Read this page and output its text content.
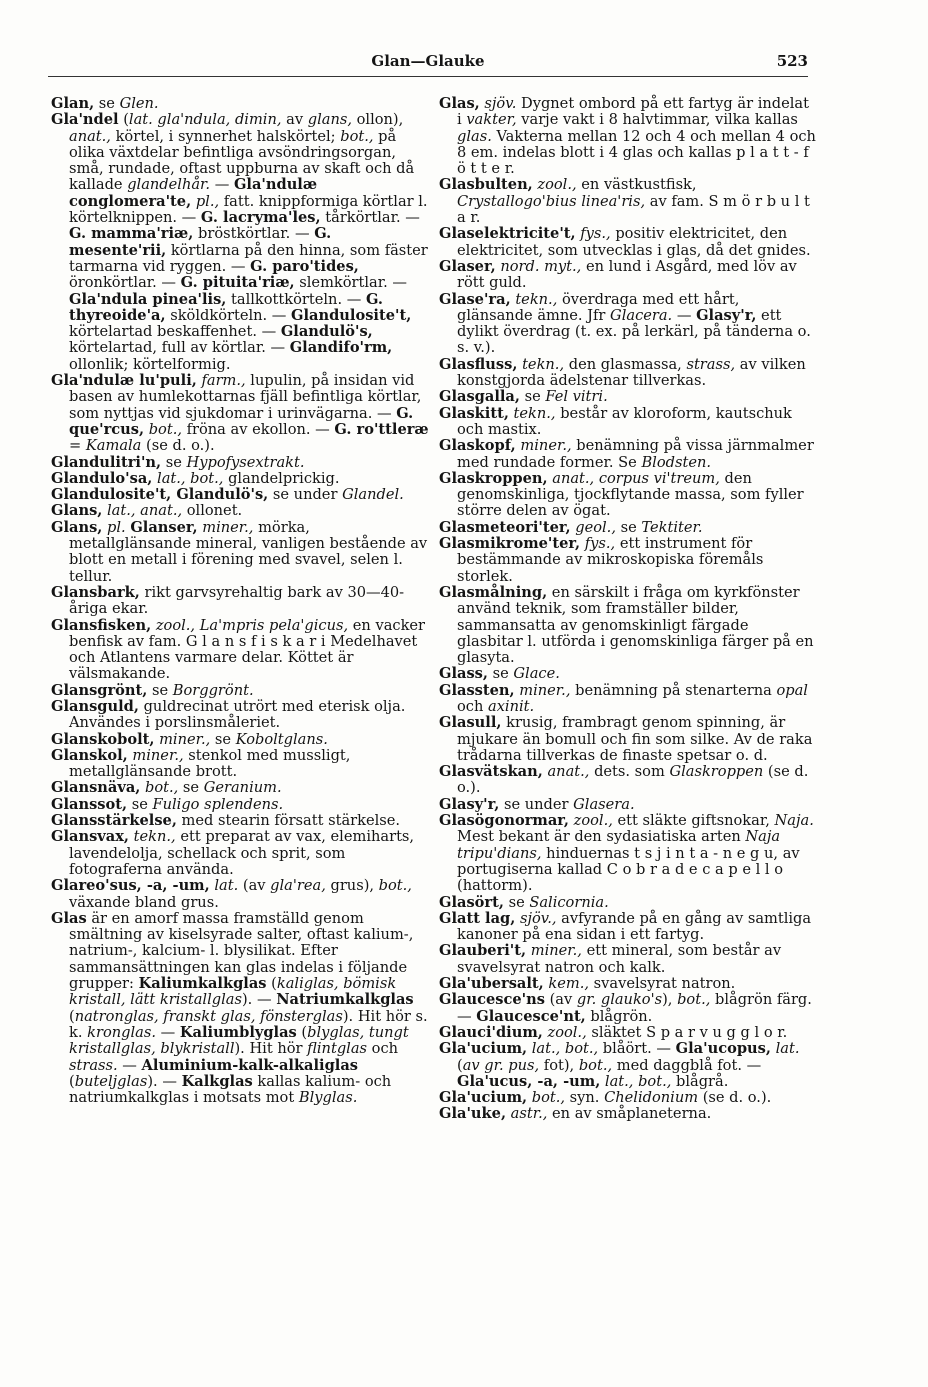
Glan—Glauke	523

Glan, se Glen.

Gla'ndel (lat. gla'ndula, dimin, av glans, ollon), anat., körtel, i synnerhet halskörtel; bot., på olika växtdelar befintliga avsöndringsorgan, små, rundade, oftast uppburna av skaft och då kallade glandelhår. — Gla'ndulæ conglomera'te, pl., fatt. knippformiga körtlar l. körtelknippen. — G. lacryma'les, tårkörtlar. — G. mamma'riæ, bröstkörtlar. — G. mesente'rii, körtlarna på den hinna, som fäster tarmarna vid ryggen. — G. paro'tides, öronkörtlar. — G. pituita'riæ, slemkörtlar. — Gla'ndula pinea'lis, tallkottkörteln. — G. thyreoide'a, sköldkörteln. — Glandulosite't, körtelartad beskaffenhet. — Glandulö's, körtelartad, full av körtlar. — Glandifo'rm, ollonlik; körtelformig.

Gla'ndulæ lu'puli, farm., lupulin, på insidan vid basen av humlekottarnas fjäll befintliga körtlar, som nyttjas vid sjukdomar i urinvägarna. — G. que'rcus, bot., fröna av ekollon. — G. ro'ttleræ = Kamala (se d. o.).

Glandulitri'n, se Hypofysextrakt.

Glandulo'sa, lat., bot., glandelprickig.

Glandulosite't, Glandulö's, se under Glandel.

Glans, lat., anat., ollonet.

Glans, pl. Glanser, miner., mörka, metallglänsande mineral, vanligen bestående av blott en metall i förening med svavel, selen l. tellur.

Glansbark, rikt garvsyrehaltig bark av 30—40-åriga ekar.

Glansfisken, zool., La'mpris pela'gicus, en vacker benfisk av fam. G l a n s f i s k a r i Medelhavet och Atlantens varmare delar. Köttet är välsmakande.

Glansgrönt, se Borggrönt.

Glansguld, guldrecinat utrört med eterisk olja. Användes i porslinsmåleriet.

Glanskobolt, miner., se Koboltglans.

Glanskol, miner., stenkol med mussligt, metallglänsande brott.

Glansnäva, bot., se Geranium.

Glanssot, se Fuligo splendens.

Glansstärkelse, med stearin försatt stärkelse.

Glansvax, tekn., ett preparat av vax, elemiharts, lavendelolja, schellack och sprit, som fotograferna använda.

Glareo'sus, -a, -um, lat. (av gla'rea, grus), bot., växande bland grus.

Glas är en amorf massa framställd genom smältning av kiselsyrade salter, oftast kalium-, natrium-, kalcium- l. blysilikat. Efter sammansättningen kan glas indelas i följande grupper: Kaliumkalkglas (kaliglas, bömisk kristall, lätt kristallglas). — Natriumkalkglas (natronglas, franskt glas, fönsterglas). Hit hör s. k. kronglas. — Kaliumblyglas (blyglas, tungt kristallglas, blykristall). Hit hör flintglas och strass. — Aluminium-kalk-alkaliglas (buteljglas). — Kalkglas kallas kalium- och natriumkalkglas i motsats mot Blyglas.

Glas, sjöv. Dygnet ombord på ett fartyg är indelat i vakter, varje vakt i 8 halvtimmar, vilka kallas glas. Vakterna mellan 12 och 4 och mellan 4 och 8 em. indelas blott i 4 glas och kallas p l a t t - f ö t t e r.

Glasbulten, zool., en västkustfisk, Crystallogo'bius linea'ris, av fam. S m ö r b u l t a r.

Glaselektricite't, fys., positiv elektricitet, den elektricitet, som utvecklas i glas, då det gnides.

Glaser, nord. myt., en lund i Asgård, med löv av rött guld.

Glase'ra, tekn., överdraga med ett hårt, glänsande ämne. Jfr Glacera. — Glasy'r, ett dylikt överdrag (t. ex. på lerkärl, på tänderna o. s. v.).

Glasfluss, tekn., den glasmassa, strass, av vilken konstgjorda ädelstenar tillverkas.

Glasgalla, se Fel vitri.

Glaskitt, tekn., består av kloroform, kautschuk och mastix.

Glaskopf, miner., benämning på vissa järnmalmer med rundade former. Se Blodsten.

Glaskroppen, anat., corpus vi'treum, den genomskinliga, tjockflytande massa, som fyller större delen av ögat.

Glasmeteori'ter, geol., se Tektiter.

Glasmikrome'ter, fys., ett instrument för bestämmande av mikroskopiska föremåls storlek.

Glasmålning, en särskilt i fråga om kyrkfönster använd teknik, som framställer bilder, sammansatta av genomskinligt färgade glasbitar l. utförda i genomskinliga färger på en glasyta.

Glass, se Glace.

Glassten, miner., benämning på stenarterna opal och axinit.

Glasull, krusig, frambragt genom spinning, är mjukare än bomull och fin som silke. Av de raka trådarna tillverkas de finaste spetsar o. d.

Glasvätskan, anat., dets. som Glaskroppen (se d. o.).

Glasy'r, se under Glasera.

Glasögonormar, zool., ett släkte giftsnokar, Naja. Mest bekant är den sydasiatiska arten Naja tripu'dians, hinduernas t s j i n t a - n e g u, av portugiserna kallad C o b r a d e c a p e l l o (hattorm).

Glasört, se Salicornia.

Glatt lag, sjöv., avfyrande på en gång av samtliga kanoner på ena sidan i ett fartyg.

Glauberi't, miner., ett mineral, som består av svavelsyrat natron och kalk.

Gla'ubersalt, kem., svavelsyrat natron.

Glaucesce'ns (av gr. glauko's), bot., blågrön färg. — Glaucesce'nt, blågrön.

Glauci'dium, zool., släktet S p a r v u g g l o r.

Gla'ucium, lat., bot., blåört. — Gla'ucopus, lat. (av gr. pus, fot), bot., med daggblå fot. — Gla'ucus, -a, -um, lat., bot., blågrå.

Gla'ucium, bot., syn. Chelidonium (se d. o.).

Gla'uke, astr., en av småplaneterna.
